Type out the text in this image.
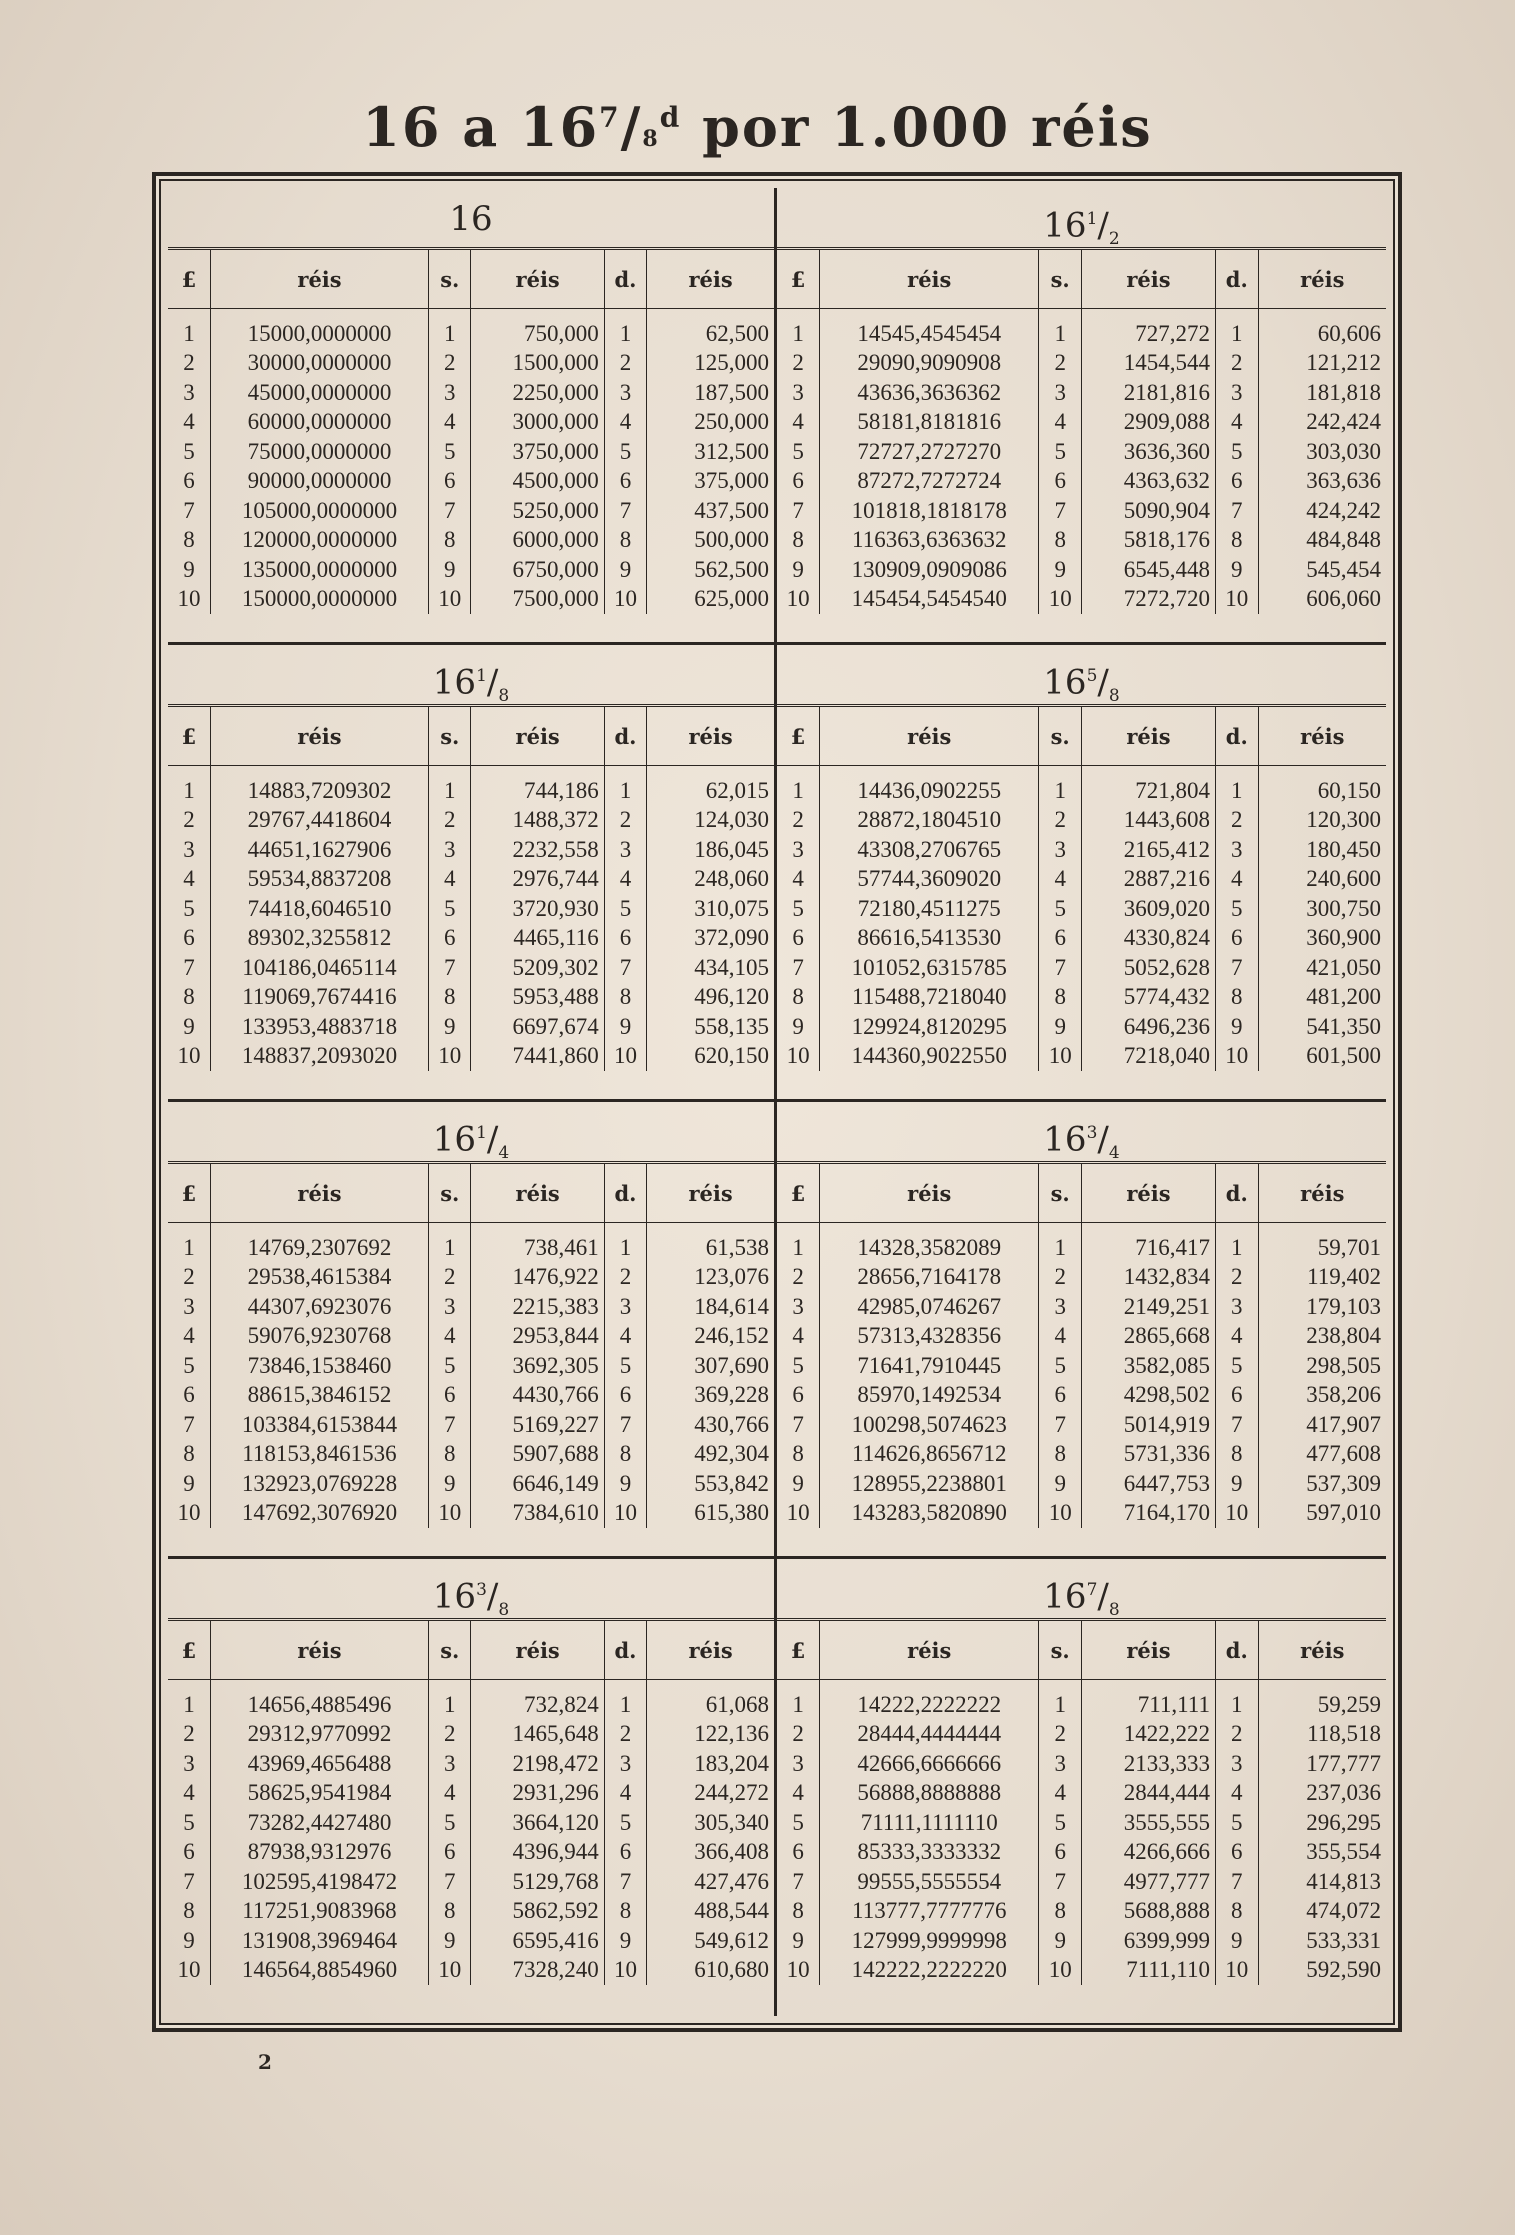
16 a $16^7/8^d$ por 1.000 réis
16
£	réis	s.	réis	d.	réis

1	15000,0000000	1	750,000	1	62,500
2	30000,0000000	2	1500,000	2	125,000
3	45000,0000000	3	2250,000	3	187,500
4	60000,0000000	4	3000,000	4	250,000
5	75000,0000000	5	3750,000	5	312,500
6	90000,0000000	6	4500,000	6	375,000
7	105000,0000000	7	5250,000	7	437,500
8	120000,0000000	8	6000,000	8	500,000
9	135000,0000000	9	6750,000	9	562,500
10	150000,0000000	10	7500,000	10	625,000
$16^1/_2$
£	réis	s.	réis	d.	réis

1	14545,4545454	1	727,272	1	60,606
2	29090,9090908	2	1454,544	2	121,212
3	43636,3636362	3	2181,816	3	181,818
4	58181,8181816	4	2909,088	4	242,424
5	72727,2727270	5	3636,360	5	303,030
6	87272,7272724	6	4363,632	6	363,636
7	101818,1818178	7	5090,904	7	424,242
8	116363,6363632	8	5818,176	8	484,848
9	130909,0909086	9	6545,448	9	545,454
10	145454,5454540	10	7272,720	10	606,060
$16^1/_8$
£	réis	s.	réis	d.	réis

1	14883,7209302	1	744,186	1	62,015
2	29767,4418604	2	1488,372	2	124,030
3	44651,1627906	3	2232,558	3	186,045
4	59534,8837208	4	2976,744	4	248,060
5	74418,6046510	5	3720,930	5	310,075
6	89302,3255812	6	4465,116	6	372,090
7	104186,0465114	7	5209,302	7	434,105
8	119069,7674416	8	5953,488	8	496,120
9	133953,4883718	9	6697,674	9	558,135
10	148837,2093020	10	7441,860	10	620,150
$16^5/_8$
£	réis	s.	réis	d.	réis

1	14436,0902255	1	721,804	1	60,150
2	28872,1804510	2	1443,608	2	120,300
3	43308,2706765	3	2165,412	3	180,450
4	57744,3609020	4	2887,216	4	240,600
5	72180,4511275	5	3609,020	5	300,750
6	86616,5413530	6	4330,824	6	360,900
7	101052,6315785	7	5052,628	7	421,050
8	115488,7218040	8	5774,432	8	481,200
9	129924,8120295	9	6496,236	9	541,350
10	144360,9022550	10	7218,040	10	601,500
$16^1/_4$
£	réis	s.	réis	d.	réis

1	14769,2307692	1	738,461	1	61,538
2	29538,4615384	2	1476,922	2	123,076
3	44307,6923076	3	2215,383	3	184,614
4	59076,9230768	4	2953,844	4	246,152
5	73846,1538460	5	3692,305	5	307,690
6	88615,3846152	6	4430,766	6	369,228
7	103384,6153844	7	5169,227	7	430,766
8	118153,8461536	8	5907,688	8	492,304
9	132923,0769228	9	6646,149	9	553,842
10	147692,3076920	10	7384,610	10	615,380
$16^3/_4$
£	réis	s.	réis	d.	réis

1	14328,3582089	1	716,417	1	59,701
2	28656,7164178	2	1432,834	2	119,402
3	42985,0746267	3	2149,251	3	179,103
4	57313,4328356	4	2865,668	4	238,804
5	71641,7910445	5	3582,085	5	298,505
6	85970,1492534	6	4298,502	6	358,206
7	100298,5074623	7	5014,919	7	417,907
8	114626,8656712	8	5731,336	8	477,608
9	128955,2238801	9	6447,753	9	537,309
10	143283,5820890	10	7164,170	10	597,010
$16^3/_8$
£	réis	s.	réis	d.	réis

1	14656,4885496	1	732,824	1	61,068
2	29312,9770992	2	1465,648	2	122,136
3	43969,4656488	3	2198,472	3	183,204
4	58625,9541984	4	2931,296	4	244,272
5	73282,4427480	5	3664,120	5	305,340
6	87938,9312976	6	4396,944	6	366,408
7	102595,4198472	7	5129,768	7	427,476
8	117251,9083968	8	5862,592	8	488,544
9	131908,3969464	9	6595,416	9	549,612
10	146564,8854960	10	7328,240	10	610,680
$16^7/_8$
£	réis	s.	réis	d.	réis

1	14222,2222222	1	711,111	1	59,259
2	28444,4444444	2	1422,222	2	118,518
3	42666,6666666	3	2133,333	3	177,777
4	56888,8888888	4	2844,444	4	237,036
5	71111,1111110	5	3555,555	5	296,295
6	85333,3333332	6	4266,666	6	355,554
7	99555,5555554	7	4977,777	7	414,813
8	113777,7777776	8	5688,888	8	474,072
9	127999,9999998	9	6399,999	9	533,331
10	142222,2222220	10	7111,110	10	592,590
2
